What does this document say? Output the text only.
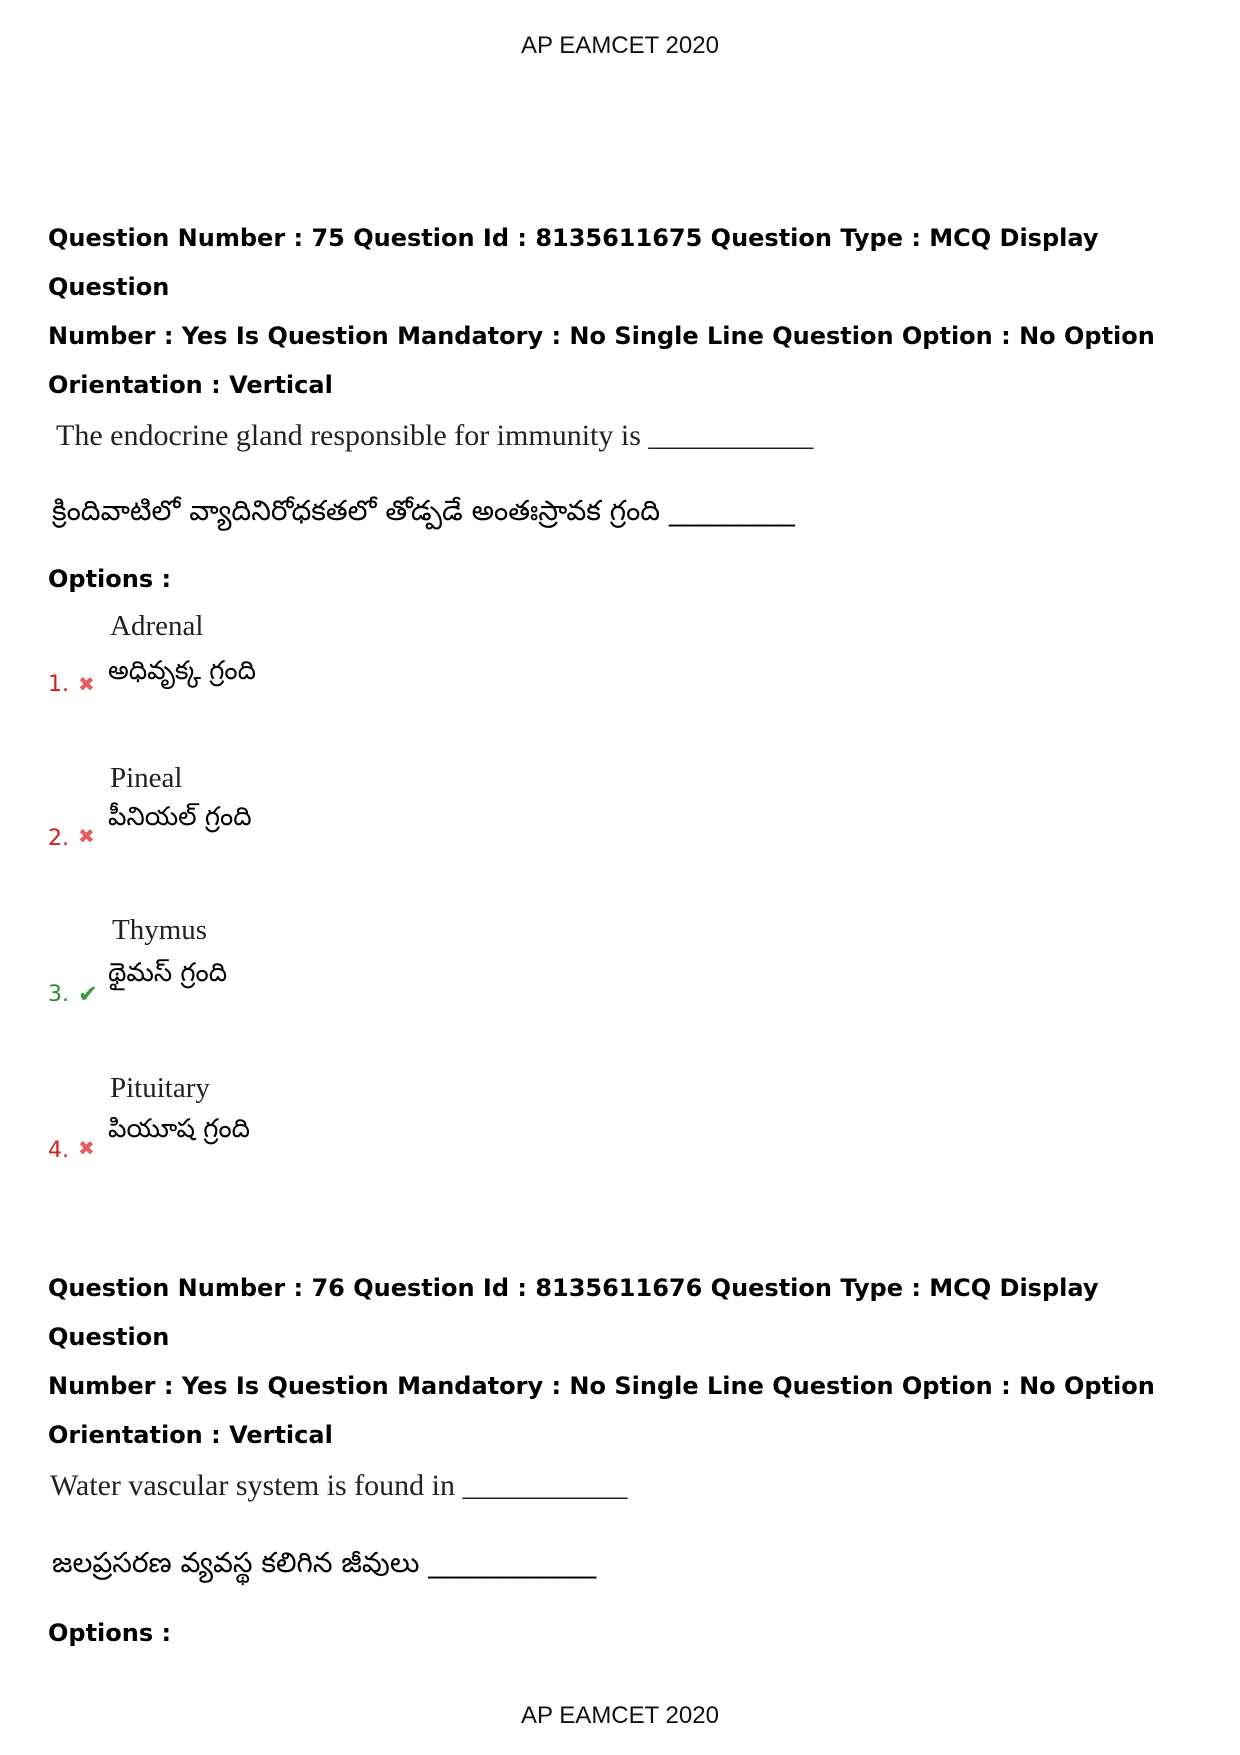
AP EAMCET 2020

Question Number : 75 Question Id : 8135611675 Question Type : MCQ Display Question

Number : Yes Is Question Mandatory : No Single Line Question Option : No Option

Orientation : Vertical

The endocrine gland responsible for immunity is ___________
క్రిందివాటిలో వ్యాదినిరోధకతలో తోడ్పడే అంతఃస్రావక గ్రంది _________
Options :
Adrenal
అధివృక్క గ్రంది
1. ✖
Pineal
పీనియల్ గ్రంది
2. ✖
Thymus
థైమస్ గ్రంది
3. ✔
Pituitary
పియూష గ్రంది
4. ✖

Question Number : 76 Question Id : 8135611676 Question Type : MCQ Display Question

Number : Yes Is Question Mandatory : No Single Line Question Option : No Option

Orientation : Vertical

Water vascular system is found in ___________
జలప్రసరణ వ్యవస్థ కలిగిన జీవులు ____________
Options :
AP EAMCET 2020
